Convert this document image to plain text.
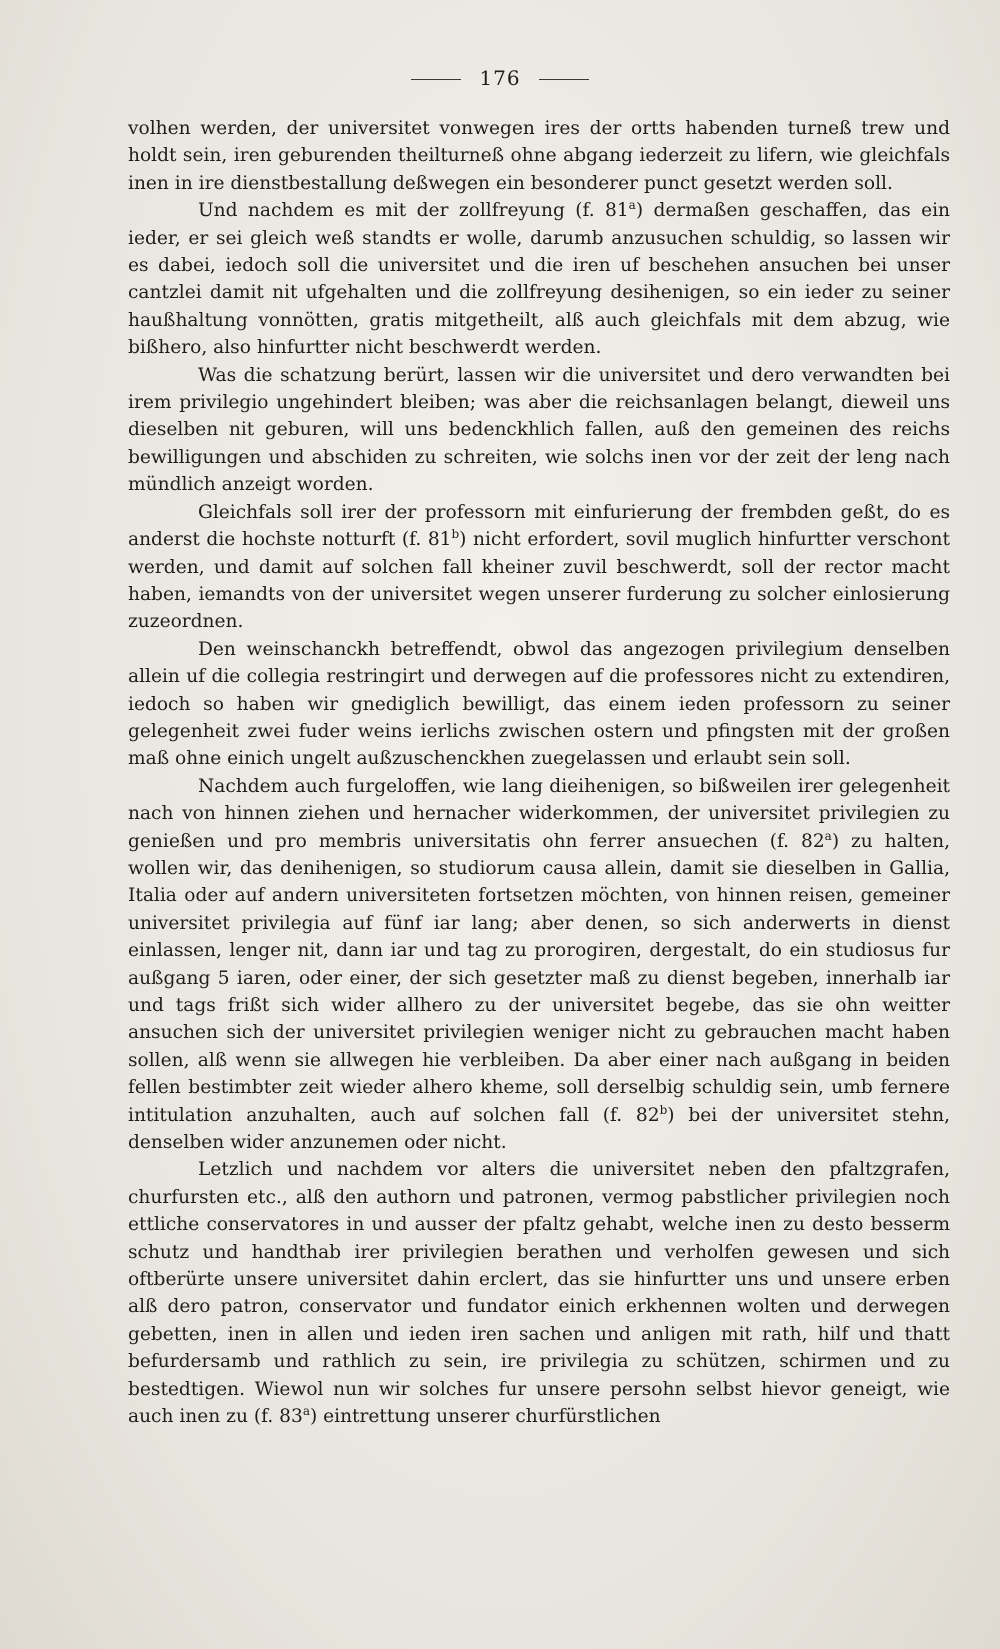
176

volhen werden, der universitet vonwegen ires der ortts habenden turneß trew und holdt sein, iren geburenden theilturneß ohne abgang iederzeit zu lifern, wie gleichfals inen in ire dienstbestallung deßwegen ein besonderer punct gesetzt werden soll.

Und nachdem es mit der zollfreyung (f. 81$^a$) dermaßen geschaffen, das ein ieder, er sei gleich weß standts er wolle, darumb anzusuchen schuldig, so lassen wir es dabei, iedoch soll die universitet und die iren uf beschehen ansuchen bei unser cantzlei damit nit ufgehalten und die zollfreyung desihenigen, so ein ieder zu seiner haußhaltung vonnötten, gratis mitgetheilt, alß auch gleichfals mit dem abzug, wie bißhero, also hinfurtter nicht beschwerdt werden.

Was die schatzung berürt, lassen wir die universitet und dero verwandten bei irem privilegio ungehindert bleiben; was aber die reichsanlagen belangt, dieweil uns dieselben nit geburen, will uns bedenckhlich fallen, auß den gemeinen des reichs bewilligungen und abschiden zu schreiten, wie solchs inen vor der zeit der leng nach mündlich anzeigt worden.

Gleichfals soll irer der professorn mit einfurierung der frembden geßt, do es anderst die hochste notturft (f. 81$^b$) nicht erfordert, sovil muglich hinfurtter verschont werden, und damit auf solchen fall kheiner zuvil beschwerdt, soll der rector macht haben, iemandts von der universitet wegen unserer furderung zu solcher einlosierung zuzeordnen.

Den weinschanckh betreffendt, obwol das angezogen privilegium denselben allein uf die collegia restringirt und derwegen auf die professores nicht zu extendiren, iedoch so haben wir gnediglich bewilligt, das einem ieden professorn zu seiner gelegenheit zwei fuder weins ierlichs zwischen ostern und pfingsten mit der großen maß ohne einich ungelt außzuschenckhen zuegelassen und erlaubt sein soll.

Nachdem auch furgeloffen, wie lang dieihenigen, so bißweilen irer gelegenheit nach von hinnen ziehen und hernacher widerkommen, der universitet privilegien zu genießen und pro membris universitatis ohn ferrer ansuechen (f. 82$^a$) zu halten, wollen wir, das denihenigen, so studiorum causa allein, damit sie dieselben in Gallia, Italia oder auf andern universiteten fortsetzen möchten, von hinnen reisen, gemeiner universitet privilegia auf fünf iar lang; aber denen, so sich anderwerts in dienst einlassen, lenger nit, dann iar und tag zu prorogiren, dergestalt, do ein studiosus fur außgang 5 iaren, oder einer, der sich gesetzter maß zu dienst begeben, innerhalb iar und tags frißt sich wider allhero zu der universitet begebe, das sie ohn weitter ansuchen sich der universitet privilegien weniger nicht zu gebrauchen macht haben sollen, alß wenn sie allwegen hie verbleiben. Da aber einer nach außgang in beiden fellen bestimbter zeit wieder alhero kheme, soll derselbig schuldig sein, umb fernere intitulation anzuhalten, auch auf solchen fall (f. 82$^b$) bei der universitet stehn, denselben wider anzunemen oder nicht.

Letzlich und nachdem vor alters die universitet neben den pfaltzgrafen, churfursten etc., alß den authorn und patronen, vermog pabstlicher privilegien noch ettliche conservatores in und ausser der pfaltz gehabt, welche inen zu desto besserm schutz und handthab irer privilegien berathen und verholfen gewesen und sich oftberürte unsere universitet dahin erclert, das sie hinfurtter uns und unsere erben alß dero patron, conservator und fundator einich erkhennen wolten und derwegen gebetten, inen in allen und ieden iren sachen und anligen mit rath, hilf und thatt befurdersamb und rathlich zu sein, ire privilegia zu schützen, schirmen und zu bestedtigen. Wiewol nun wir solches fur unsere persohn selbst hievor geneigt, wie auch inen zu (f. 83$^a$) eintrettung unserer churfürstlichen
